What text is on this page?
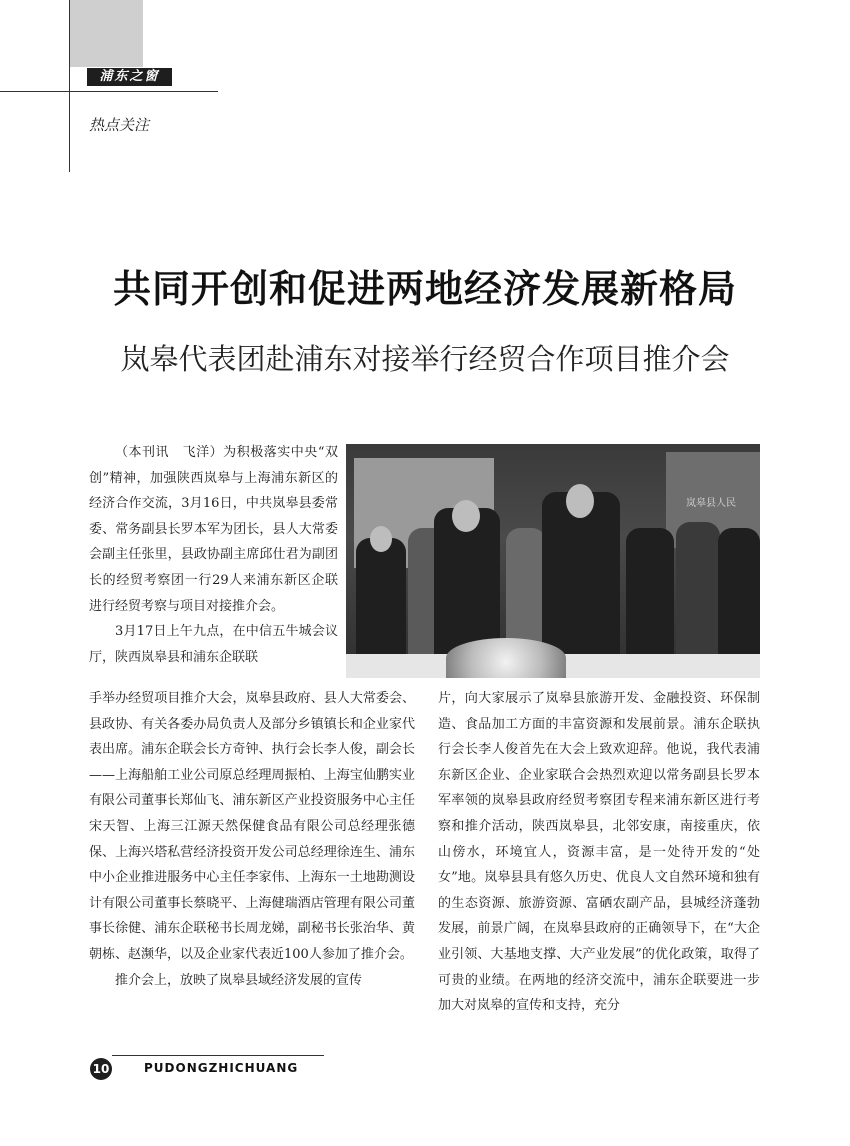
浦东之窗
热点关注
共同开创和促进两地经济发展新格局
岚皋代表团赴浦东对接举行经贸合作项目推介会

（本刊讯　飞洋）为积极落实中央“双创”精神，加强陕西岚皋与上海浦东新区的经济合作交流，3月16日，中共岚皋县委常委、常务副县长罗本军为团长，县人大常委会副主任张里，县政协副主席邱仕君为副团长的经贸考察团一行29人来浦东新区企联进行经贸考察与项目对接推介会。

3月17日上午九点，在中信五牛城会议厅，陕西岚皋县和浦东企联联

岚皋县人民

手举办经贸项目推介大会，岚皋县政府、县人大常委会、县政协、有关各委办局负责人及部分乡镇镇长和企业家代表出席。浦东企联会长方奇钟、执行会长李人俊，副会长——上海船舶工业公司原总经理周振柏、上海宝仙鹏实业有限公司董事长郑仙飞、浦东新区产业投资服务中心主任宋天智、上海三江源天然保健食品有限公司总经理张德保、上海兴塔私营经济投资开发公司总经理徐连生、浦东中小企业推进服务中心主任李家伟、上海东一土地勘测设计有限公司董事长蔡晓平、上海健瑞酒店管理有限公司董事长徐健、浦东企联秘书长周龙娣，副秘书长张治华、黄朝栋、赵濒华，以及企业家代表近100人参加了推介会。

推介会上，放映了岚皋县域经济发展的宣传

片，向大家展示了岚皋县旅游开发、金融投资、环保制造、食品加工方面的丰富资源和发展前景。浦东企联执行会长李人俊首先在大会上致欢迎辞。他说，我代表浦东新区企业、企业家联合会热烈欢迎以常务副县长罗本军率领的岚皋县政府经贸考察团专程来浦东新区进行考察和推介活动，陕西岚皋县，北邻安康，南接重庆，依山傍水，环境宜人，资源丰富，是一处待开发的“处女”地。岚皋县具有悠久历史、优良人文自然环境和独有的生态资源、旅游资源、富硒农副产品，县城经济蓬勃发展，前景广阔，在岚皋县政府的正确领导下，在“大企业引领、大基地支撑、大产业发展”的优化政策，取得了可贵的业绩。在两地的经济交流中，浦东企联要进一步加大对岚皋的宣传和支持，充分

10	PUDONGZHICHUANG
